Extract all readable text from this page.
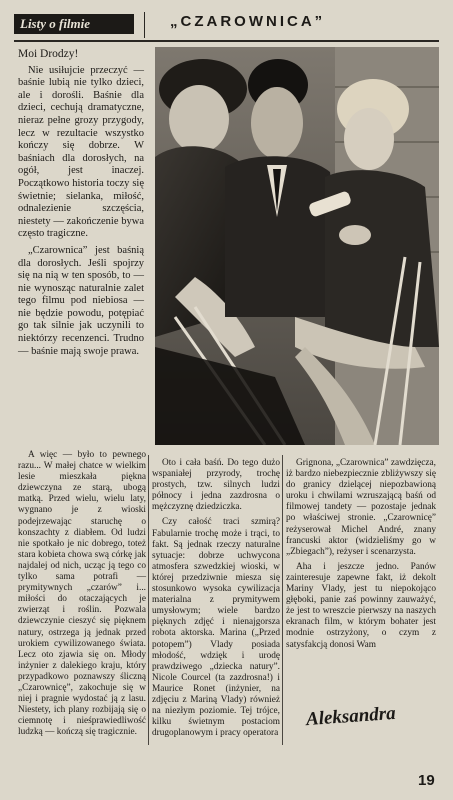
Listy o filmie	„CZAROWNICA”

Moi Drodzy!

Nie usiłujcie przeczyć — baśnie lubią nie tylko dzieci, ale i dorośli. Baśnie dla dzieci, cechują dramatyczne, nieraz pełne grozy przygody, lecz w rezultacie wszystko kończy się dobrze. W baśniach dla dorosłych, na ogół, jest inaczej. Początkowo historia toczy się świetnie; sielanka, miłość, odnalezienie szczęścia, niestety — zakończenie bywa często tragiczne.

„Czarownica” jest baśnią dla dorosłych. Jeśli spojrzy się na nią w ten sposób, to — nie wynosząc naturalnie zalet tego filmu pod niebiosa — nie będzie powodu, potępiać go tak silnie jak uczynili to niektórzy recenzenci. Trudno — baśnie mają swoje prawa.

A więc — było to pewnego razu... W małej chatce w wielkim lesie mieszkała piękna dziewczyna ze starą, ubogą matką. Przed wielu, wielu laty, wygnano je z wioski podejrzewając staruchę o konszachty z diabłem. Od ludzi nie spotkało je nic dobrego, toteż stara kobieta chowa swą córkę jak najdalej od nich, ucząc ją tego co tylko sama potrafi — prymitywnych „czarów” i... miłości do otaczających je zwierząt i roślin. Pozwala dziewczynie cieszyć się pięknem natury, ostrzega ją jednak przed urokiem cywilizowanego świata. Lecz oto zjawia się on. Młody inżynier z dalekiego kraju, który przypadkowo poznawszy śliczną „Czarownicę”, zakochuje się w niej i pragnie wydostać ją z lasu. Niestety, ich plany rozbijają się o ciemnotę i nieśprawiedliwość ludzką — kończą się tragicznie.

Oto i cała baśń. Do tego dużo wspaniałej przyrody, trochę prostych, tzw. silnych ludzi północy i jedna zazdrosna o mężczyznę dziedziczka.

Czy całość traci szmirą? Fabularnie trochę może i trąci, to fakt. Są jednak rzeczy naturalne sytuacje: dobrze uchwycona atmosfera szwedzkiej wioski, w której przedziwnie miesza się stosunkowo wysoka cywilizacja materialna z prymitywem umysłowym; wiele bardzo pięknych zdjęć i nienajgorsza robota aktorska. Marina („Przed potopem”) Vlady posiada młodość, wdzięk i urodę prawdziwego „dziecka natury”. Nicole Courcel (ta zazdrosna!) i Maurice Ronet (inżynier, na zdjęciu z Mariną Vlady) również na niezłym poziomie. Tej trójce, kilku świetnym postaciom drugoplanowym i pracy operatora

Grignona, „Czarownica” zawdzięcza, iż bardzo niebezpiecznie zbliżywszy się do granicy dzielącej niepozbawioną uroku i chwilami wzruszającą baśń od filmowej tandety — pozostaje jednak po właściwej stronie. „Czarownicę” reżyserował Michel André, znany francuski aktor (widzieliśmy go w „Zbiegach”), reżyser i scenarzysta.

Aha i jeszcze jedno. Panów zainteresuje zapewne fakt, iż dekolt Mariny Vlady, jest tu niepokojąco głęboki, panie zaś powinny zauważyć, że jest to wreszcie pierwszy na naszych ekranach film, w którym bohater jest modnie ostrzyżony, o czym z satysfakcją donosi Wam

Aleksandra
19
